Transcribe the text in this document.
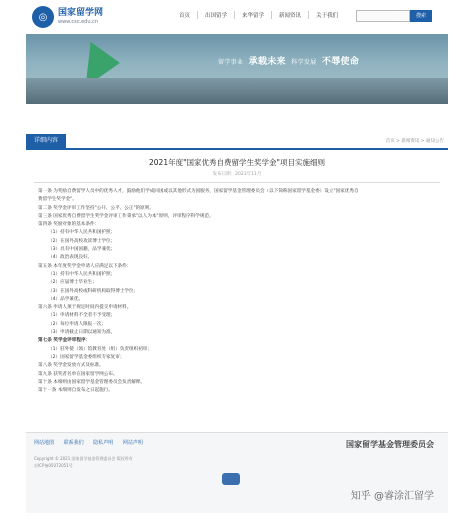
◎	国家留学网
www.csc.edu.cn
首页	出国留学	来华留学	新闻资讯	关于我们	搜索
留学事业 承载未来 科学发展 不辱使命
详细内容	首页 > 新闻资讯 > 通知公告
2021年度"国家优秀自费留学生奖学金"项目实施细则
发布日期：2021年11月

第一条 为奖励自费留学人员中的优秀人才，鼓励他们学成回国或以其他形式为国服务，国家留学基金管理委员会（以下简称国家留学基金委）设立"国家优秀自

费留学生奖学金"。

第二条 奖学金评审工作坚持"公开、公平、公正"的原则。

第三条 国家优秀自费留学生奖学金评审工作秉承"以人为本"原则，评审程序科学规范。

第四条 奖励对象的基本条件：

（1）持有中华人民共和国护照；

（2）在国外高校攻读博士学位；

（3）具有中国国籍，品学兼优；

（4）政治表现良好。

第五条 本年度奖学金申请人应满足以下条件：

（1）持有中华人民共和国护照；

（2）应届博士毕业生；

（3）在国外高校或科研机构取得博士学位；

（4）品学兼优。

第六条 申请人须于规定时间内提交申请材料。

（1）申请材料不全者不予受理；

（2）每位申请人限报一次；

（3）申请截止日期以通知为准。

第七条 奖学金评审程序：

（1）驻外使（领）馆教育处（组）负责组织初审；

（2）国家留学基金委组织专家复审；

第八条 奖学金发放方式及标准。

第九条 获奖者名单在国家留学网公布。

第十条 本细则由国家留学基金管理委员会负责解释。

第十一条 本细则自发布之日起施行。

网站地图 联系我们 隐私声明 网站声明
Copyright © 2021 国家留学基金管理委员会 版权所有
京ICP备05072051号
国家留学基金管理委员会
知乎 @睿涂汇留学
